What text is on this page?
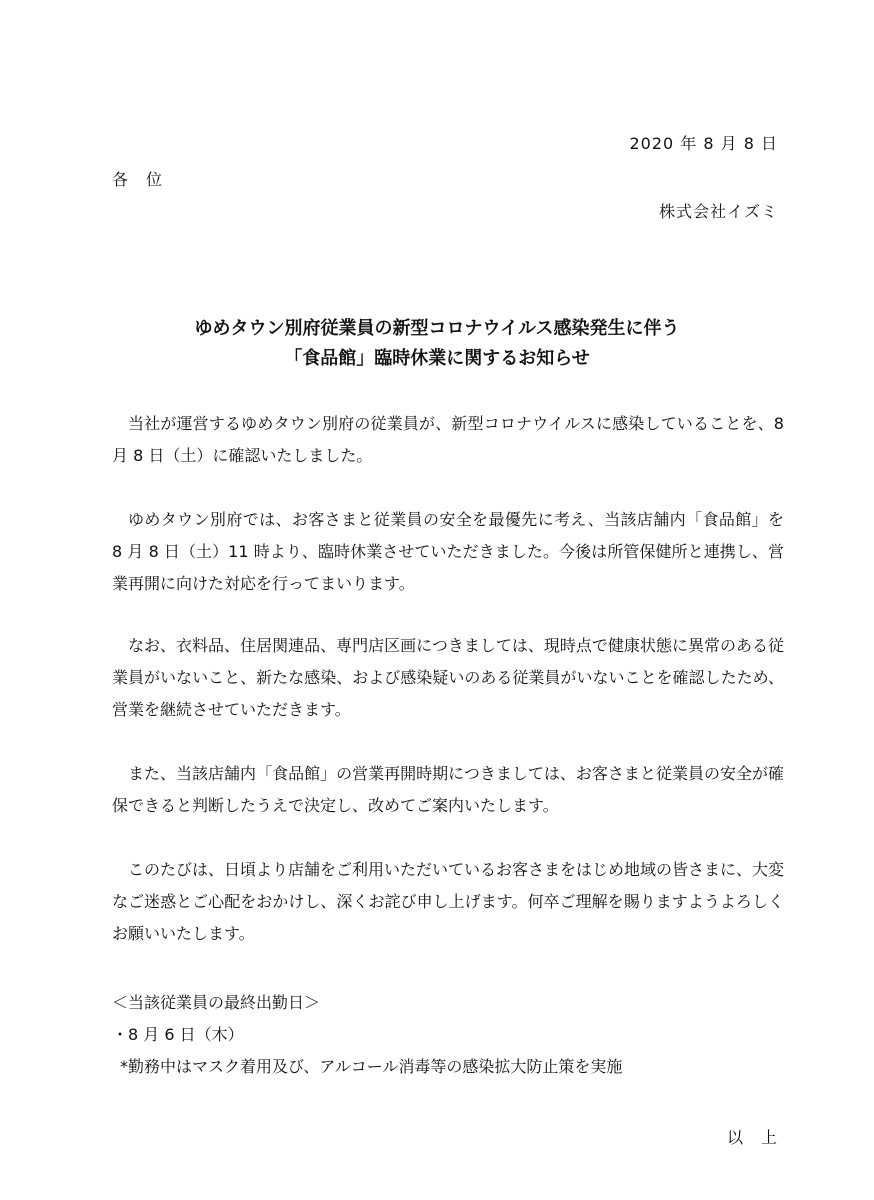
2020 年 8 月 8 日
各　位
株式会社イズミ
ゆめタウン別府従業員の新型コロナウイルス感染発生に伴う
「食品館」臨時休業に関するお知らせ

当社が運営するゆめタウン別府の従業員が、新型コロナウイルスに感染していることを、8 月 8 日（土）に確認いたしました。

ゆめタウン別府では、お客さまと従業員の安全を最優先に考え、当該店舗内「食品館」を 8 月 8 日（土）11 時より、臨時休業させていただきました。今後は所管保健所と連携し、営業再開に向けた対応を行ってまいります。

なお、衣料品、住居関連品、専門店区画につきましては、現時点で健康状態に異常のある従業員がいないこと、新たな感染、および感染疑いのある従業員がいないことを確認したため、営業を継続させていただきます。

また、当該店舗内「食品館」の営業再開時期につきましては、お客さまと従業員の安全が確保できると判断したうえで決定し、改めてご案内いたします。

このたびは、日頃より店舗をご利用いただいているお客さまをはじめ地域の皆さまに、大変なご迷惑とご心配をおかけし、深くお詫び申し上げます。何卒ご理解を賜りますようよろしくお願いいたします。

＜当該従業員の最終出勤日＞
・8 月 6 日（木）
*勤務中はマスク着用及び、アルコール消毒等の感染拡大防止策を実施
以　上
